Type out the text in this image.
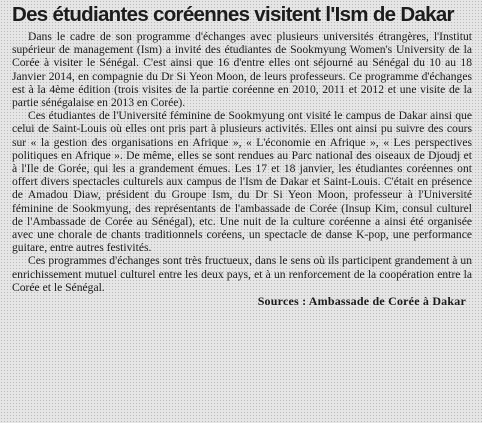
Des étudiantes coréennes visitent l'Ism de Dakar

Dans le cadre de son programme d'échanges avec plusieurs universités étrangères, l'Institut supérieur de management (Ism) a invité des étudiantes de Sookmyung Women's University de la Corée à visiter le Sénégal. C'est ainsi que 16 d'entre elles ont séjourné au Sénégal du 10 au 18 Janvier 2014, en compagnie du Dr Si Yeon Moon, de leurs professeurs. Ce programme d'échanges est à la 4ème édition (trois visites de la partie coréenne en 2010, 2011 et 2012 et une visite de la partie sénégalaise en 2013 en Corée).

Ces étudiantes de l'Université féminine de Sookmyung ont visité le campus de Dakar ainsi que celui de Saint-Louis où elles ont pris part à plusieurs activités. Elles ont ainsi pu suivre des cours sur « la gestion des organisations en Afrique », « L'économie en Afrique », « Les perspectives politiques en Afrique ». De même, elles se sont rendues au Parc national des oiseaux de Djoudj et à l'Ile de Gorée, qui les a grandement émues. Les 17 et 18 janvier, les étudiantes coréennes ont offert divers spectacles culturels aux campus de l'Ism de Dakar et Saint-Louis. C'était en présence de Amadou Diaw, président du Groupe Ism, du Dr Si Yeon Moon, professeur à l'Université féminine de Sookmyung, des représentants de l'ambassade de Corée (Insup Kim, consul culturel de l'Ambassade de Corée au Sénégal), etc. Une nuit de la culture coréenne a ainsi été organisée avec une chorale de chants traditionnels coréens, un spectacle de danse K-pop, une performance guitare, entre autres festivités.

Ces programmes d'échanges sont très fructueux, dans le sens où ils participent grandement à un enrichissement mutuel culturel entre les deux pays, et à un renforcement de la coopération entre la Corée et le Sénégal.

Sources : Ambassade de Corée à Dakar
